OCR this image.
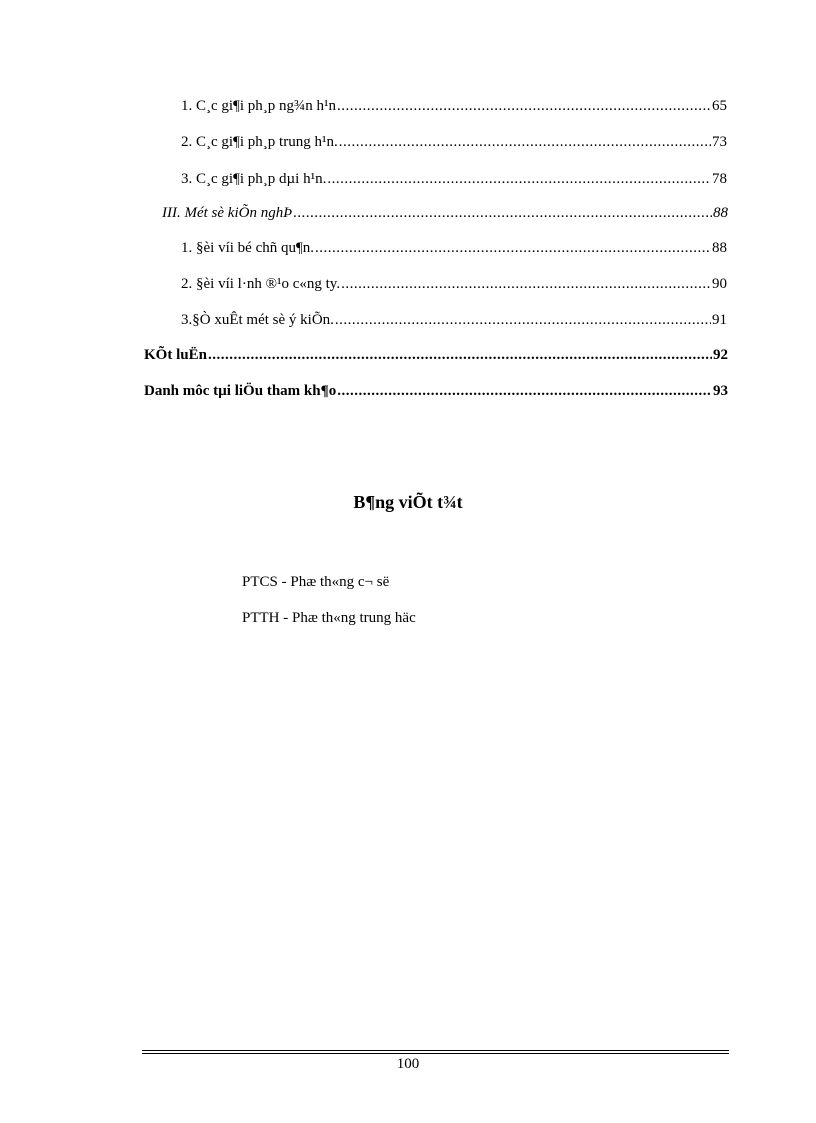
1. C¸c gi¶i ph¸p ng¾n h¹n .....	65
2. C¸c gi¶i ph¸p trung h¹n. .....	73
3. C¸c gi¶i ph¸p dµi h¹n. .....	78
III. Mét sè kiÕn nghÞ .....	88
1. §èi víi bé chñ qu¶n. .....	88
2. §èi víi l·nh ®¹o c«ng ty. .....	90
3.§Ò xuÊt mét sè ý kiÕn. .....	91
KÕt luËn .....	92
Danh môc tµi liÖu tham kh¶o .....	93
B¶ng viÕt t¾t
PTCS - Phæ th«ng c¬ së
PTTH - Phæ th«ng trung häc
100
